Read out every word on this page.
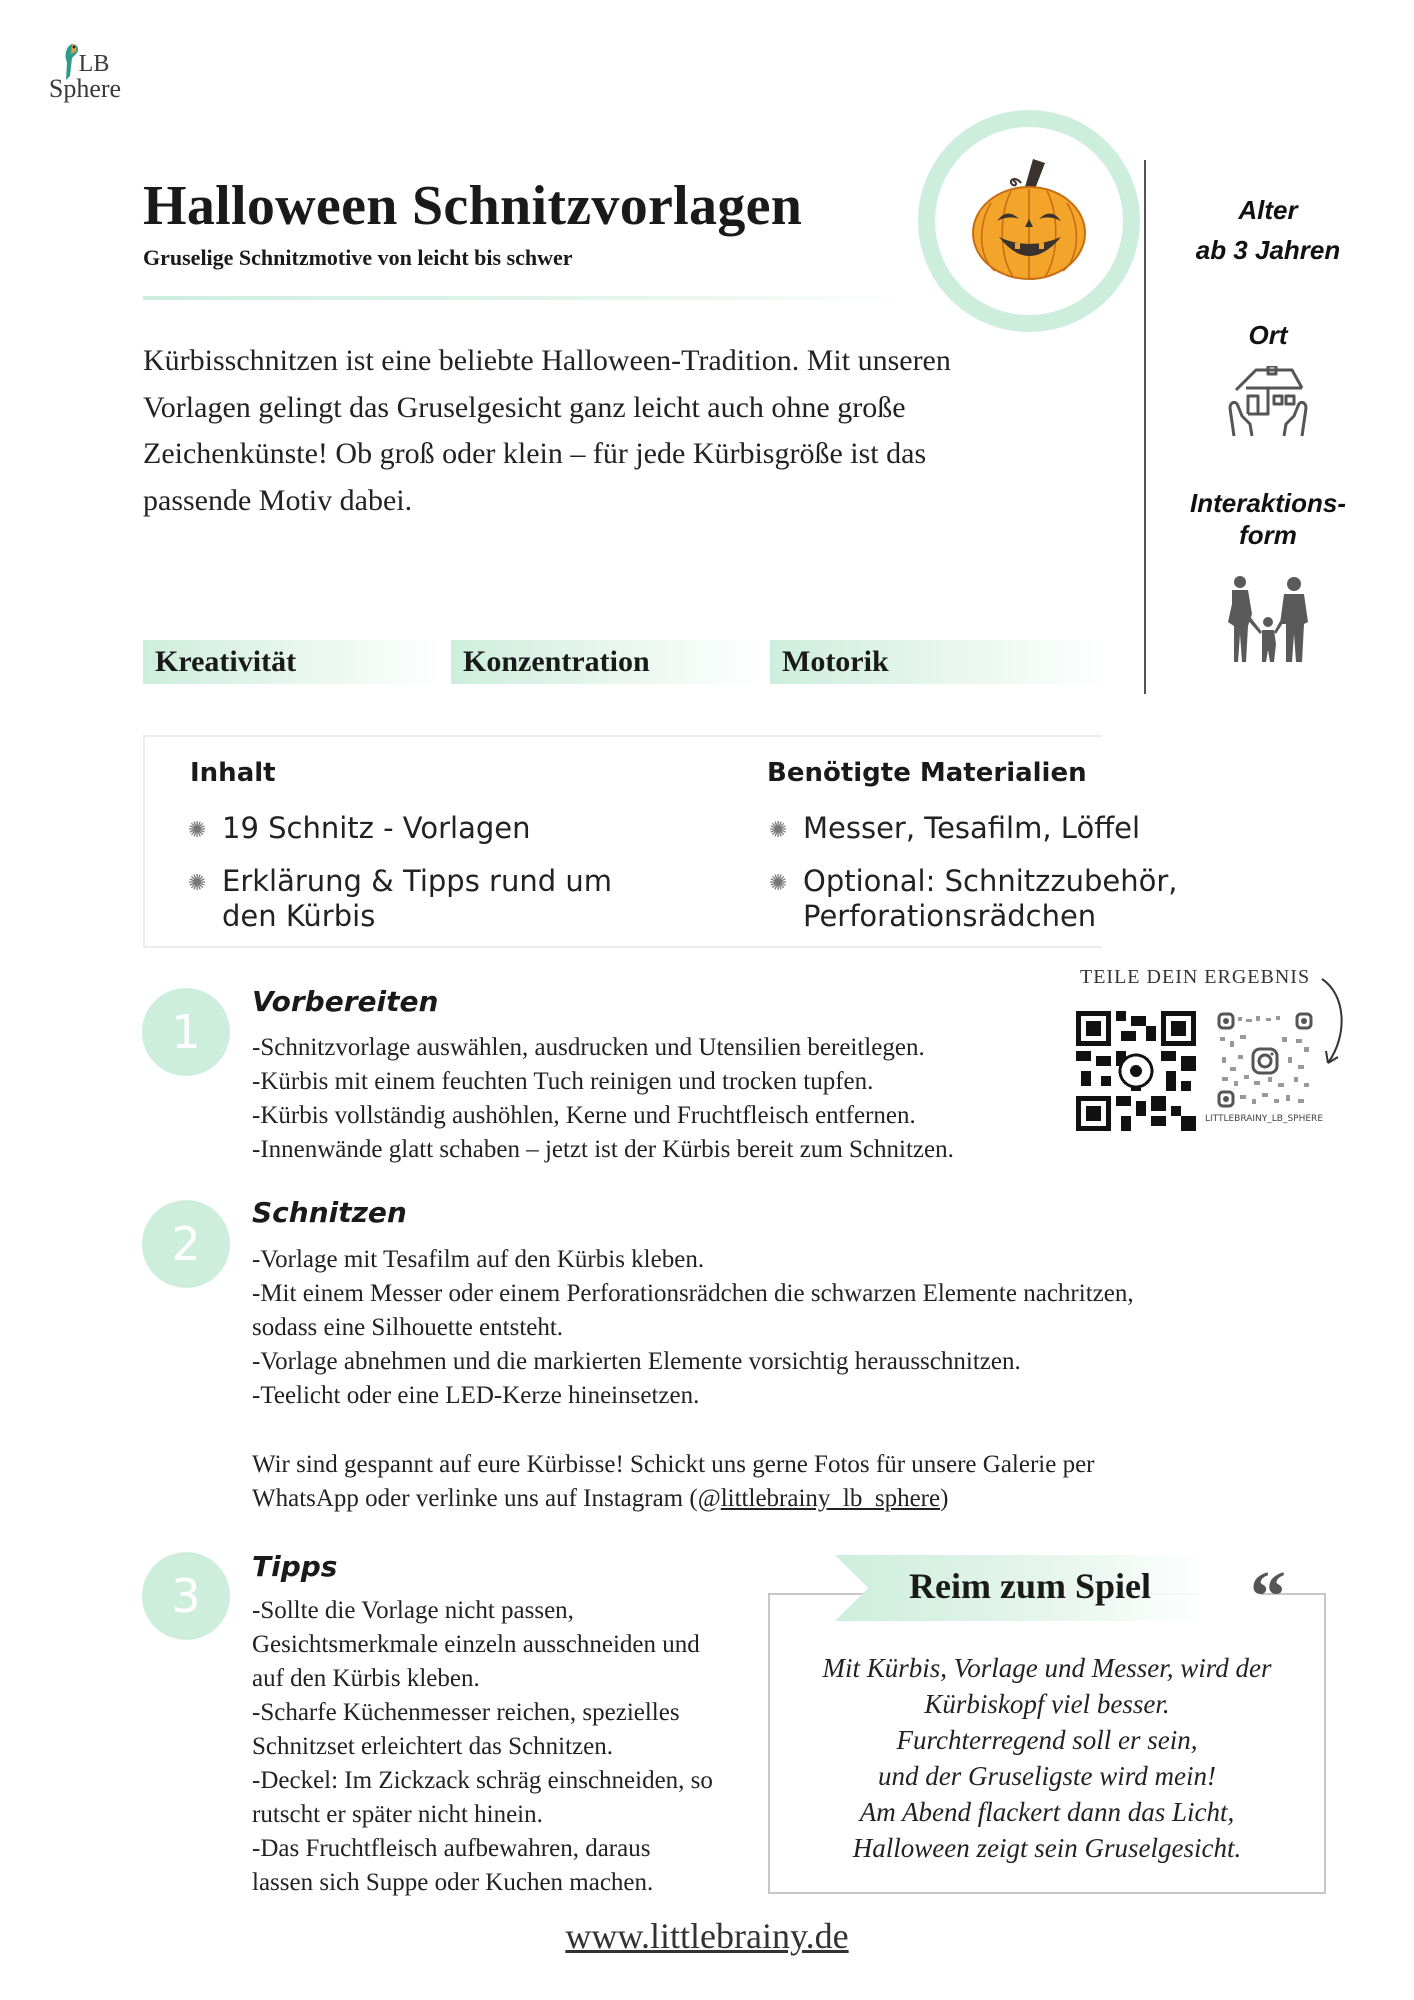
LB
Sphere
Halloween Schnitzvorlagen
Gruselige Schnitzmotive von leicht bis schwer
Alter
ab 3 Jahren
Ort
Interaktions-
form
Kürbisschnitzen ist eine beliebte Halloween-Tradition. Mit unseren
Vorlagen gelingt das Gruselgesicht ganz leicht auch ohne große
Zeichenkünste! Ob groß oder klein – für jede Kürbisgröße ist das
passende Motiv dabei.
Kreativität	Konzentration	Motorik
Inhalt
✺ 19 Schnitz - Vorlagen
✺ Erklärung & Tipps rund um
den Kürbis
Benötigte Materialien
✺ Messer, Tesafilm, Löffel
✺ Optional: Schnitzzubehör,
Perforationsrädchen
1
Vorbereiten
-Schnitzvorlage auswählen, ausdrucken und Utensilien bereitlegen.
-Kürbis mit einem feuchten Tuch reinigen und trocken tupfen.
-Kürbis vollständig aushöhlen, Kerne und Fruchtfleisch entfernen.
-Innenwände glatt schaben – jetzt ist der Kürbis bereit zum Schnitzen.
TEILE DEIN ERGEBNIS
LITTLEBRAINY_LB_SPHERE
2
Schnitzen
-Vorlage mit Tesafilm auf den Kürbis kleben.
-Mit einem Messer oder einem Perforationsrädchen die schwarzen Elemente nachritzen,
sodass eine Silhouette entsteht.
-Vorlage abnehmen und die markierten Elemente vorsichtig herausschnitzen.
-Teelicht oder eine LED-Kerze hineinsetzen.
Wir sind gespannt auf eure Kürbisse! Schickt uns gerne Fotos für unsere Galerie per
WhatsApp oder verlinke uns auf Instagram (@littlebrainy_lb_sphere)
3
Tipps
-Sollte die Vorlage nicht passen,
Gesichtsmerkmale einzeln ausschneiden und
auf den Kürbis kleben.
-Scharfe Küchenmesser reichen, spezielles
Schnitzset erleichtert das Schnitzen.
-Deckel: Im Zickzack schräg einschneiden, so
rutscht er später nicht hinein.
-Das Fruchtfleisch aufbewahren, daraus
lassen sich Suppe oder Kuchen machen.
Reim zum Spiel	“
Mit Kürbis, Vorlage und Messer, wird der
Kürbiskopf viel besser.
Furchterregend soll er sein,
und der Gruseligste wird mein!
Am Abend flackert dann das Licht,
Halloween zeigt sein Gruselgesicht.
www.littlebrainy.de
